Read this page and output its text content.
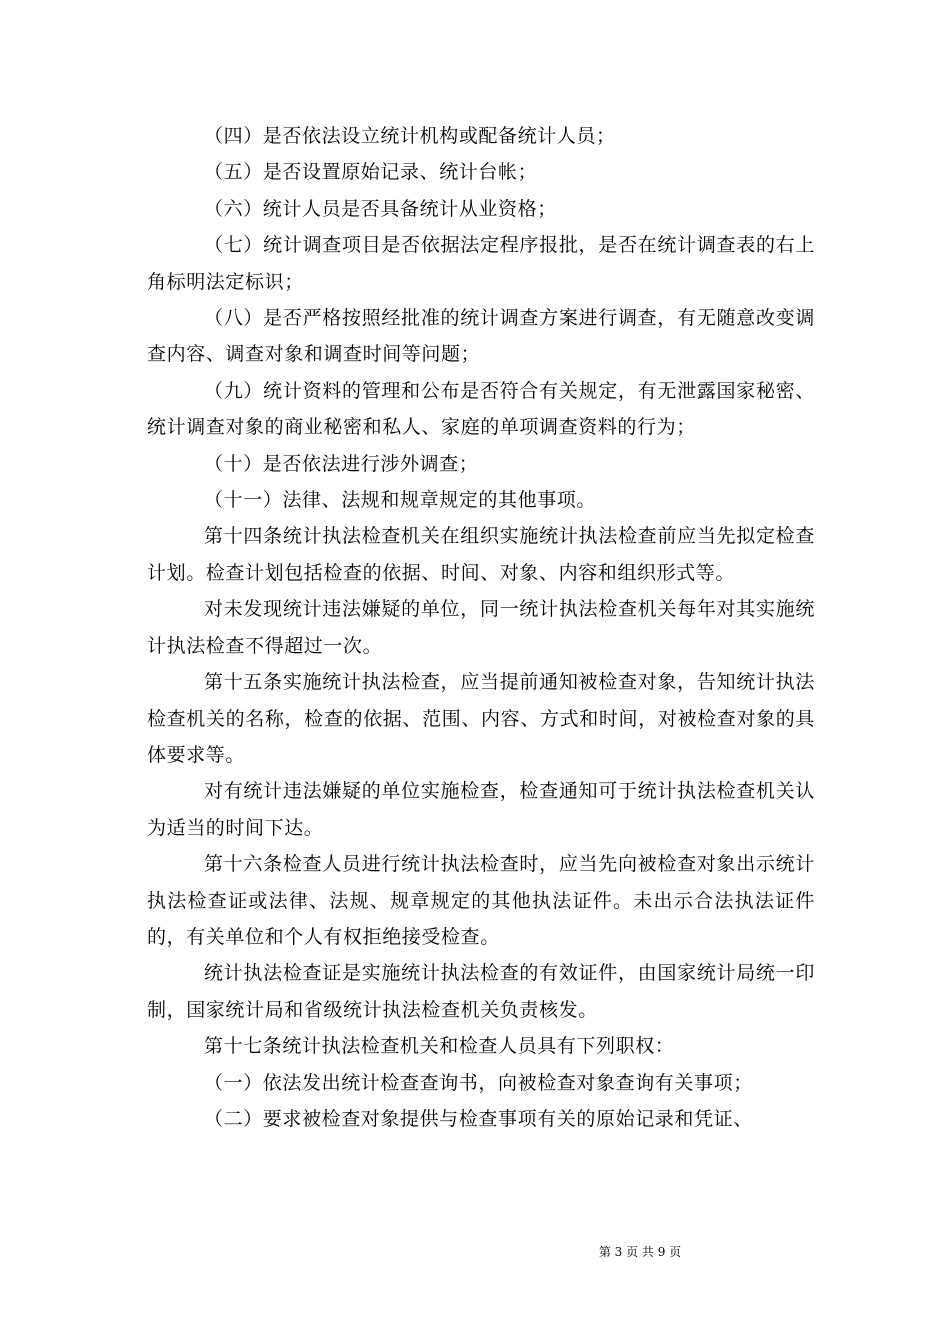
（四）是否依法设立统计机构或配备统计人员；

（五）是否设置原始记录、统计台帐；

（六）统计人员是否具备统计从业资格；

（七）统计调查项目是否依据法定程序报批，是否在统计调查表的右上角标明法定标识；

（八）是否严格按照经批准的统计调查方案进行调查，有无随意改变调查内容、调查对象和调查时间等问题；

（九）统计资料的管理和公布是否符合有关规定，有无泄露国家秘密、统计调查对象的商业秘密和私人、家庭的单项调查资料的行为；

（十）是否依法进行涉外调查；

（十一）法律、法规和规章规定的其他事项。

第十四条统计执法检查机关在组织实施统计执法检查前应当先拟定检查计划。检查计划包括检查的依据、时间、对象、内容和组织形式等。

对未发现统计违法嫌疑的单位，同一统计执法检查机关每年对其实施统计执法检查不得超过一次。

第十五条实施统计执法检查，应当提前通知被检查对象，告知统计执法检查机关的名称，检查的依据、范围、内容、方式和时间，对被检查对象的具体要求等。

对有统计违法嫌疑的单位实施检查，检查通知可于统计执法检查机关认为适当的时间下达。

第十六条检查人员进行统计执法检查时，应当先向被检查对象出示统计执法检查证或法律、法规、规章规定的其他执法证件。未出示合法执法证件的，有关单位和个人有权拒绝接受检查。

统计执法检查证是实施统计执法检查的有效证件，由国家统计局统一印制，国家统计局和省级统计执法检查机关负责核发。

第十七条统计执法检查机关和检查人员具有下列职权：

（一）依法发出统计检查查询书，向被检查对象查询有关事项；

（二）要求被检查对象提供与检查事项有关的原始记录和凭证、

第 3 页 共 9 页
